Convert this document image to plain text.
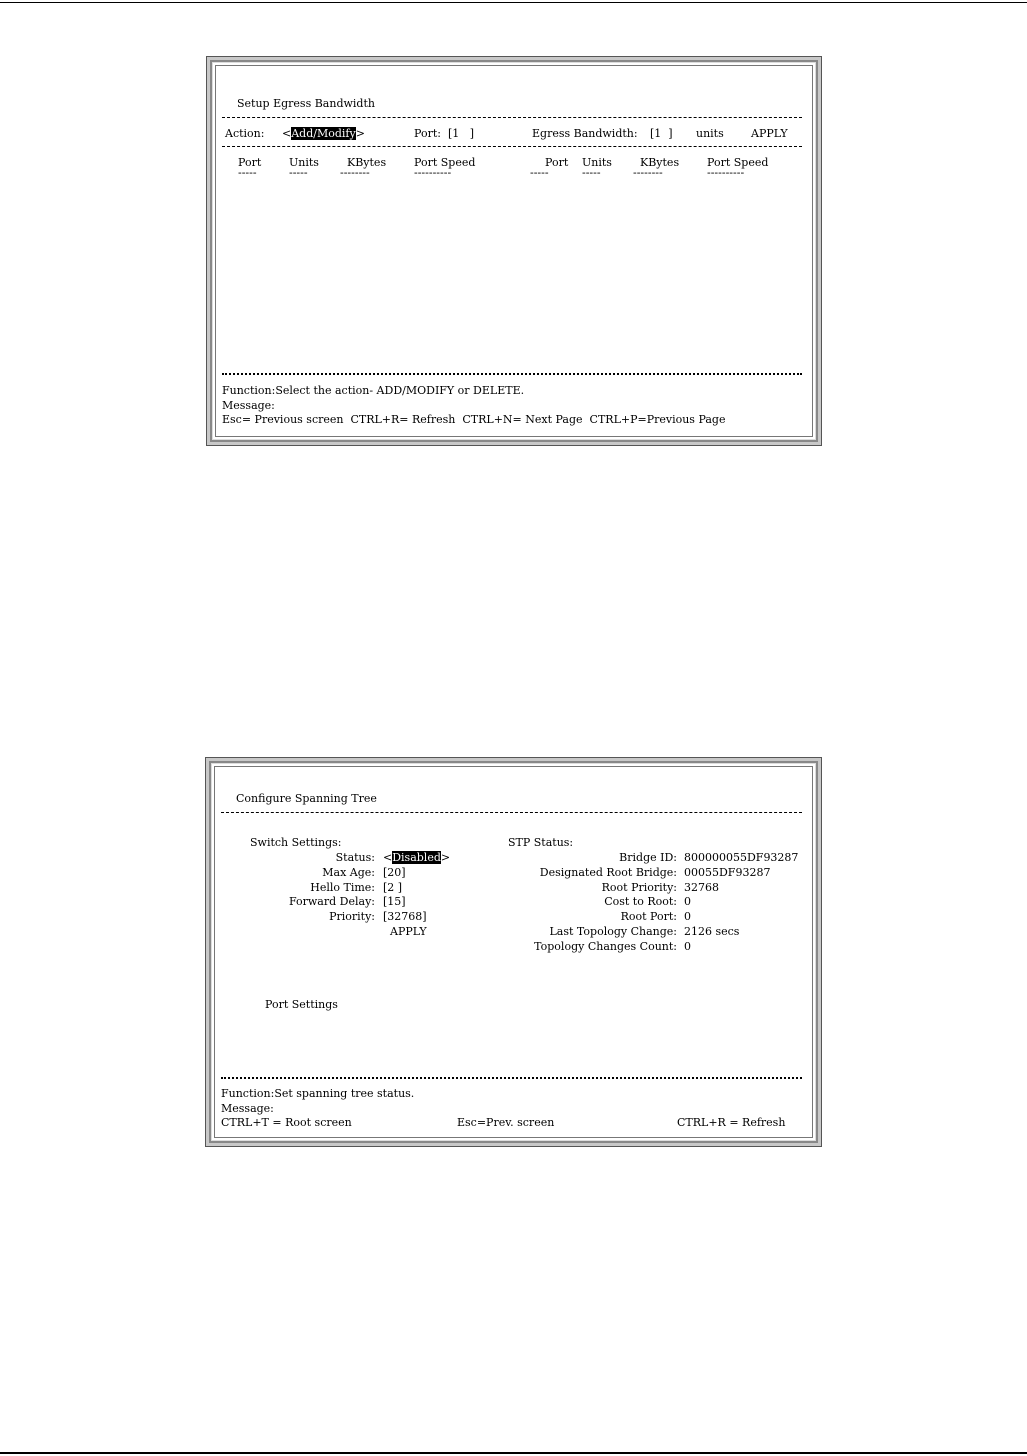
Setup Egress Bandwidth
Action: <Add/Modify>	Port: [1   ]	Egress Bandwidth: [1  ] units APPLY
Port	Units	KBytes	Port Speed	Port Units	KBytes	Port Speed
-----	-----	--------	----------	-----	-----	--------	----------
Function:Select the action- ADD/MODIFY or DELETE.
Message:
Esc= Previous screen  CTRL+R= Refresh  CTRL+N= Next Page  CTRL+P=Previous Page
Configure Spanning Tree
Switch Settings:
Status: <Disabled>
Max Age: [20]
Hello Time: [2 ]
Forward Delay: [15]
Priority: [32768]
APPLY
STP Status:
Bridge ID: 800000055DF93287
Designated Root Bridge: 00055DF93287
Root Priority: 32768
Cost to Root: 0
Root Port: 0
Last Topology Change: 2126 secs
Topology Changes Count: 0
Port Settings
Function:Set spanning tree status.
Message:
CTRL+T = Root screen	Esc=Prev. screen	CTRL+R = Refresh
